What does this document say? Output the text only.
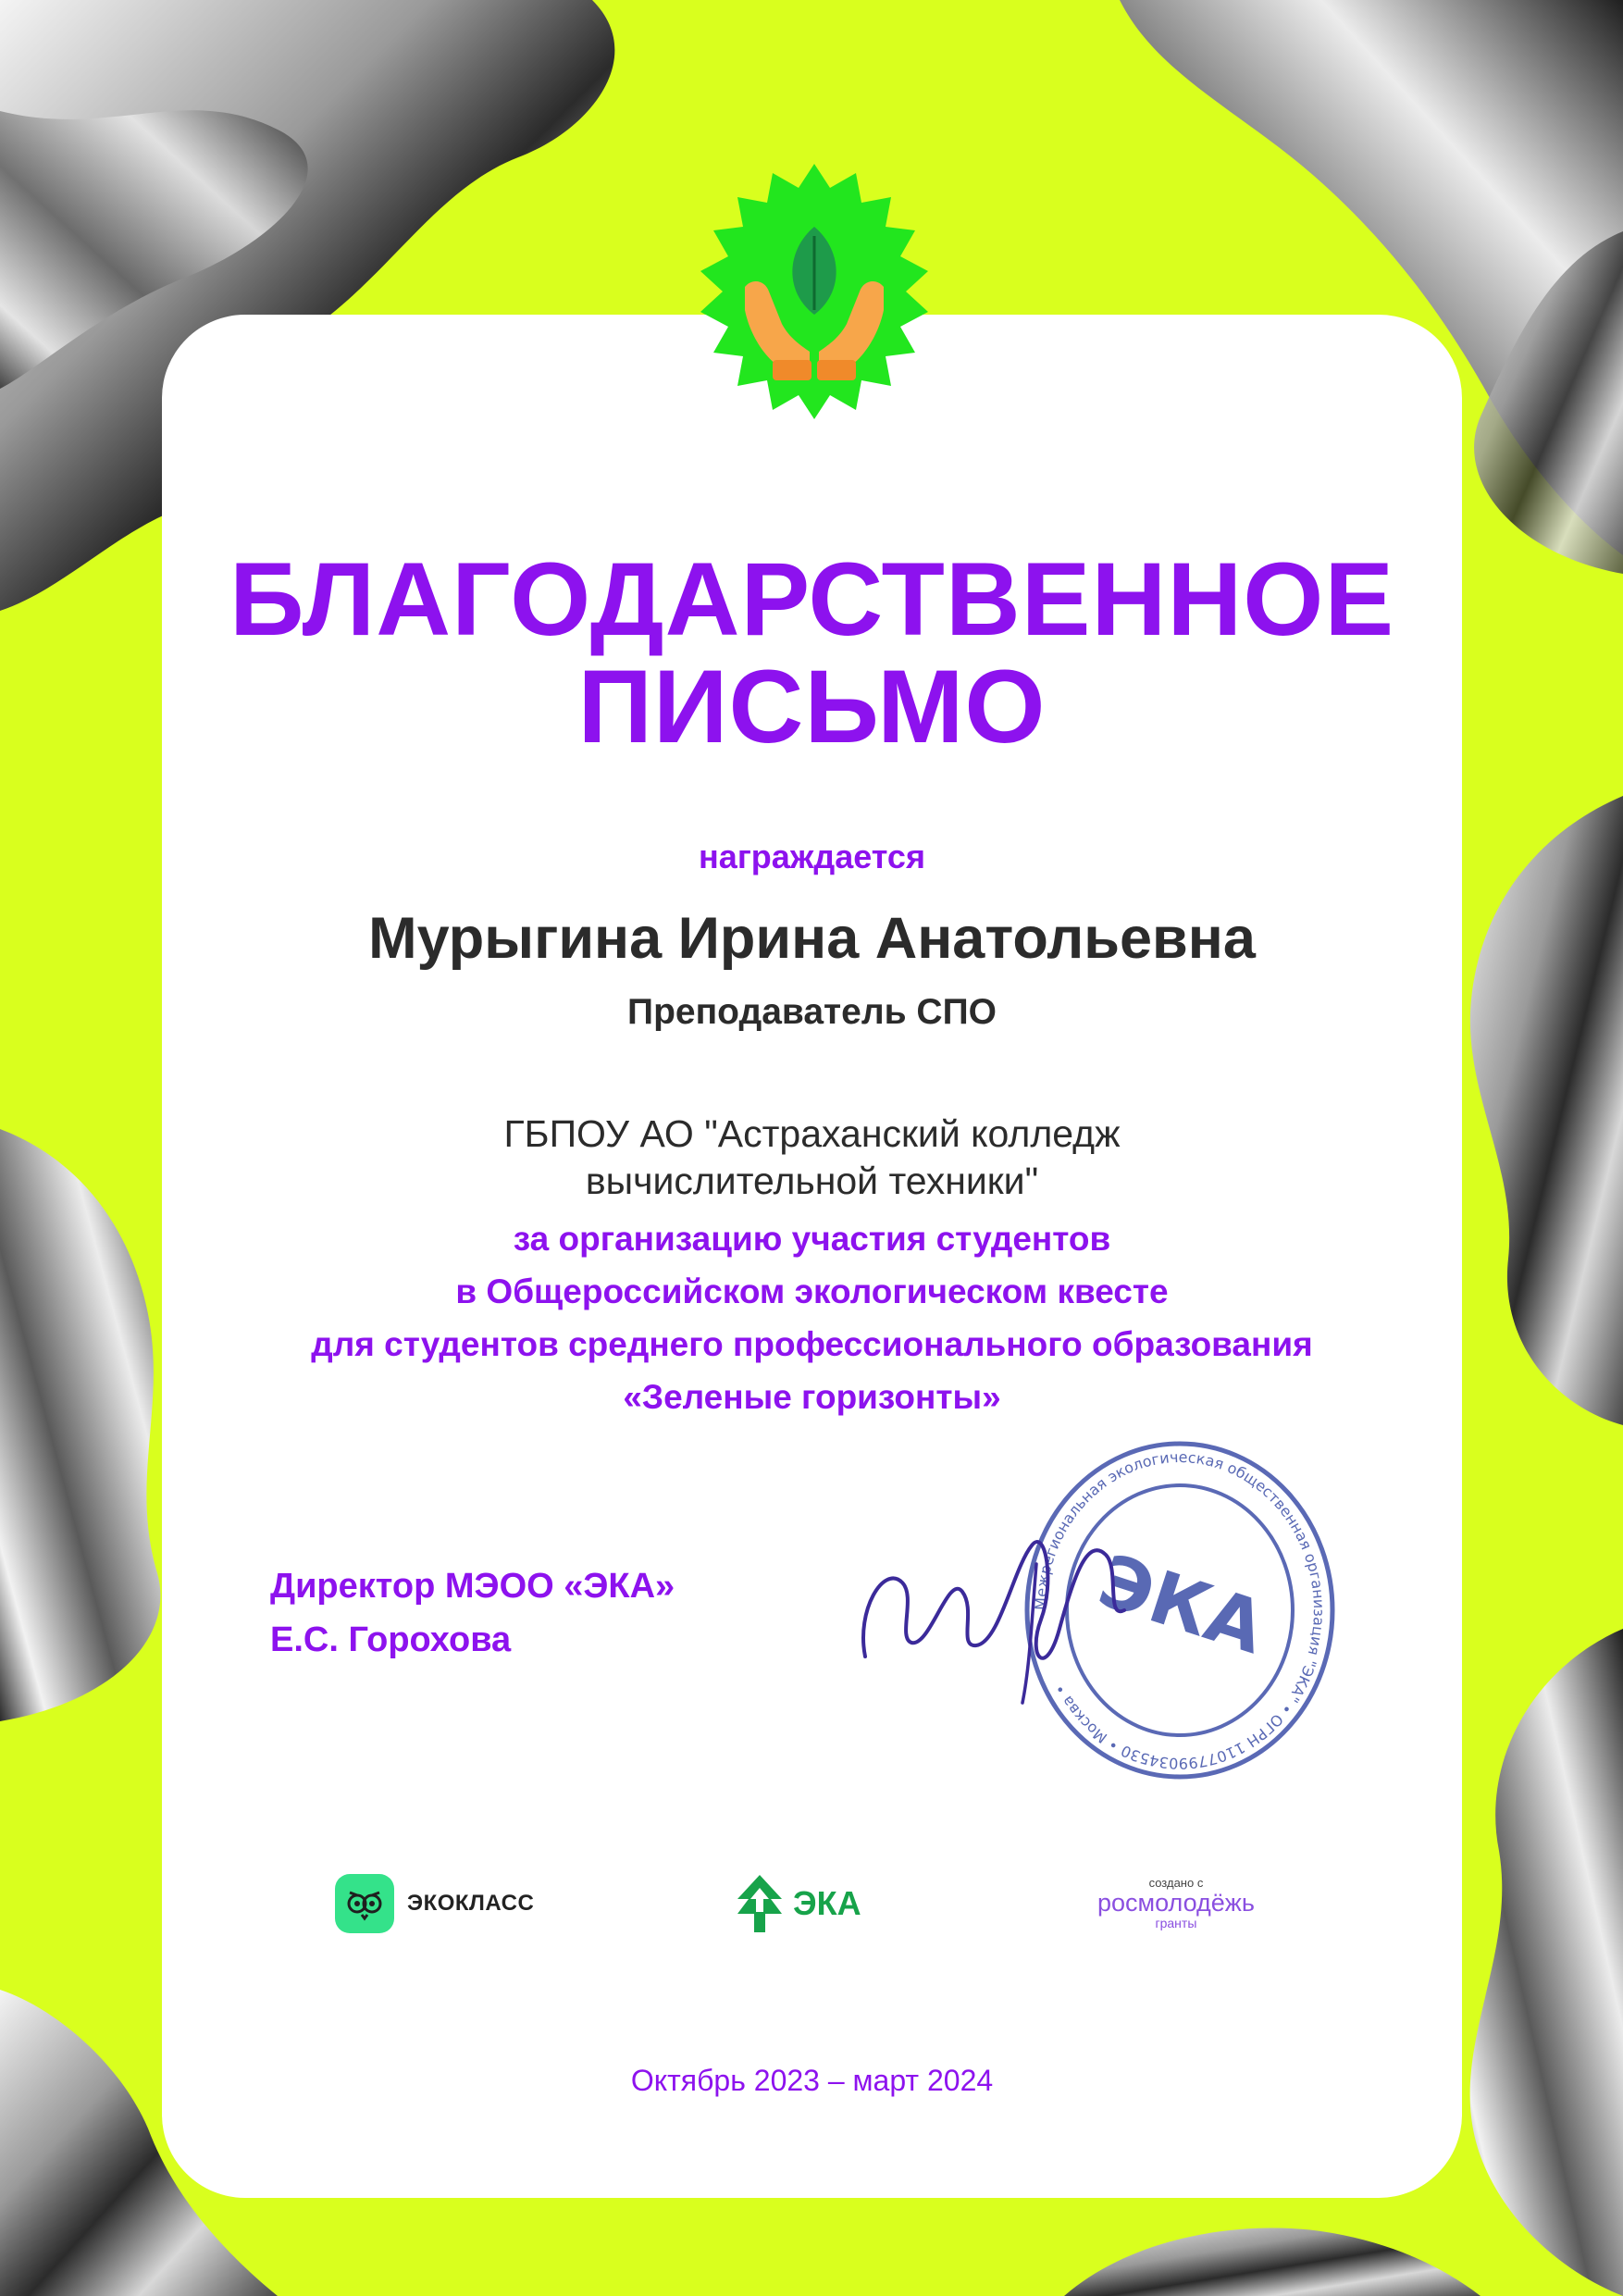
БЛАГОДАРСТВЕННОЕ
ПИСЬМО
награждается
Мурыгина Ирина Анатольевна
Преподаватель СПО
ГБПОУ АО "Астраханский колледж
вычислительной техники"
за организацию участия студентов
в Общероссийском экологическом квесте
для студентов среднего профессионального образования
«Зеленые горизонты»
Директор МЭОО «ЭКА»
Е.С. Горохова
Межрегиональная экологическая общественная организация "ЭКА" • ОГРН 1107799034530 • Москва •
ЭКА
ЭКОКЛАСС	ЭКА
создано с
росмолодёжь
гранты
Октябрь 2023 – март 2024
